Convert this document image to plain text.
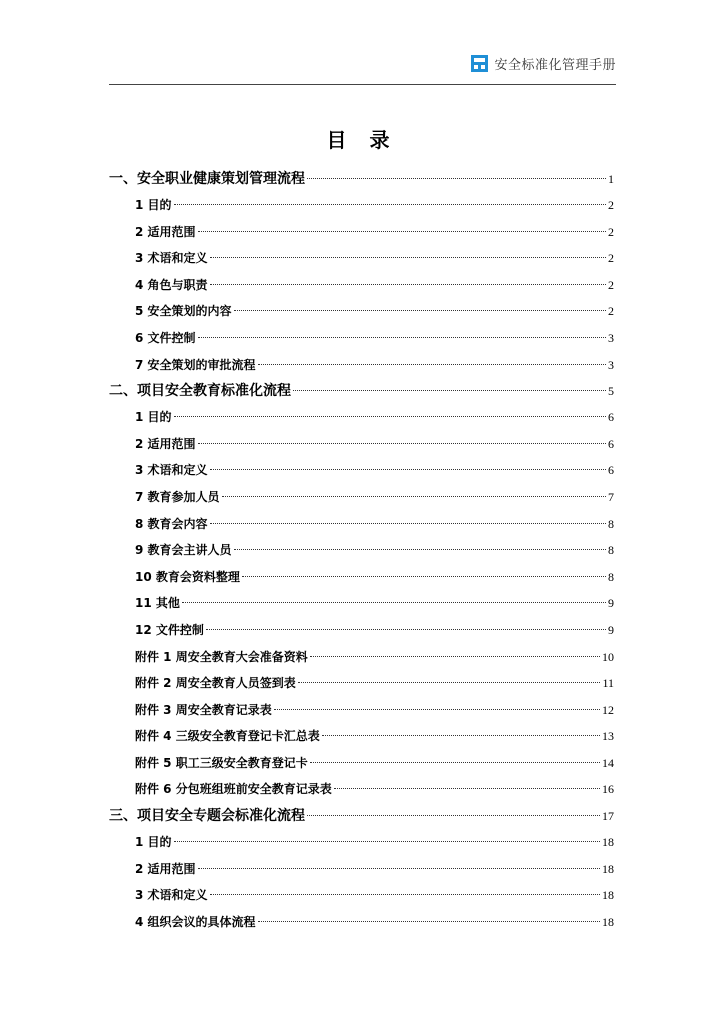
安全标准化管理手册
目 录
一、安全职业健康策划管理流程	1
1 目的	2
2 适用范围	2
3 术语和定义	2
4 角色与职责	2
5 安全策划的内容	2
6 文件控制	3
7 安全策划的审批流程	3
二、项目安全教育标准化流程	5
1 目的	6
2 适用范围	6
3 术语和定义	6
7 教育参加人员	7
8 教育会内容	8
9 教育会主讲人员	8
10 教育会资料整理	8
11 其他	9
12 文件控制	9
附件 1 周安全教育大会准备资料	10
附件 2 周安全教育人员签到表	11
附件 3 周安全教育记录表	12
附件 4 三级安全教育登记卡汇总表	13
附件 5 职工三级安全教育登记卡	14
附件 6 分包班组班前安全教育记录表	16
三、项目安全专题会标准化流程	17
1 目的	18
2 适用范围	18
3 术语和定义	18
4 组织会议的具体流程	18
